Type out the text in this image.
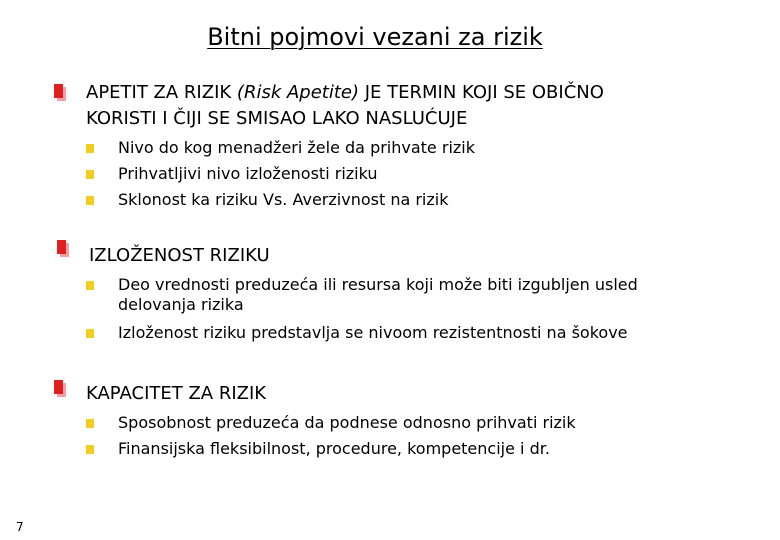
Bitni pojmovi vezani za rizik
APETIT ZA RIZIK (Risk Apetite) JE TERMIN KOJI SE OBIČNO
KORISTI I ČIJI SE SMISAO LAKO NASLUĆUJE
Nivo do kog menadžeri žele da prihvate rizik
Prihvatljivi nivo izloženosti riziku
Sklonost ka riziku Vs. Averzivnost na rizik
IZLOŽENOST RIZIKU
Deo vrednosti preduzeća ili resursa koji može biti izgubljen usled
delovanja rizika
Izloženost riziku predstavlja se nivoom rezistentnosti na šokove
KAPACITET ZA RIZIK
Sposobnost preduzeća da podnese odnosno prihvati rizik
Finansijska fleksibilnost, procedure, kompetencije i dr.
7
